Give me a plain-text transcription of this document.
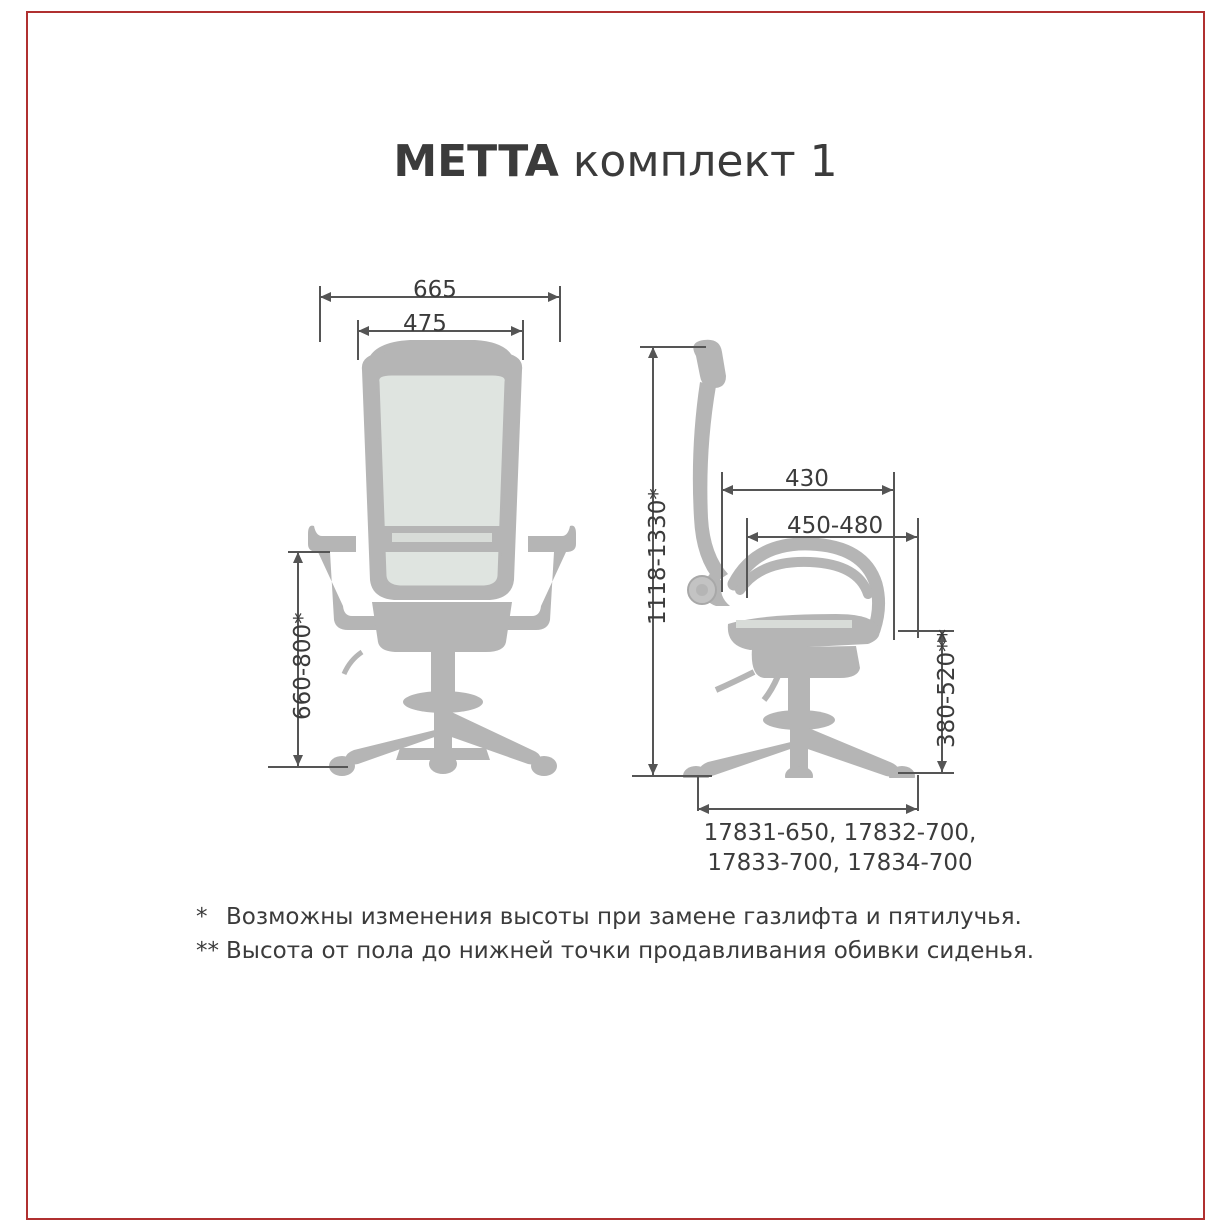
METTA комплект 1
665
475
660-800*
1118-1330*
430
450-480
380-520**
17831-650, 17832-700,
17833-700, 17834-700
* Возможны изменения высоты при замене газлифта и пятилучья.
** Высота от пола до нижней точки продавливания обивки сиденья.
